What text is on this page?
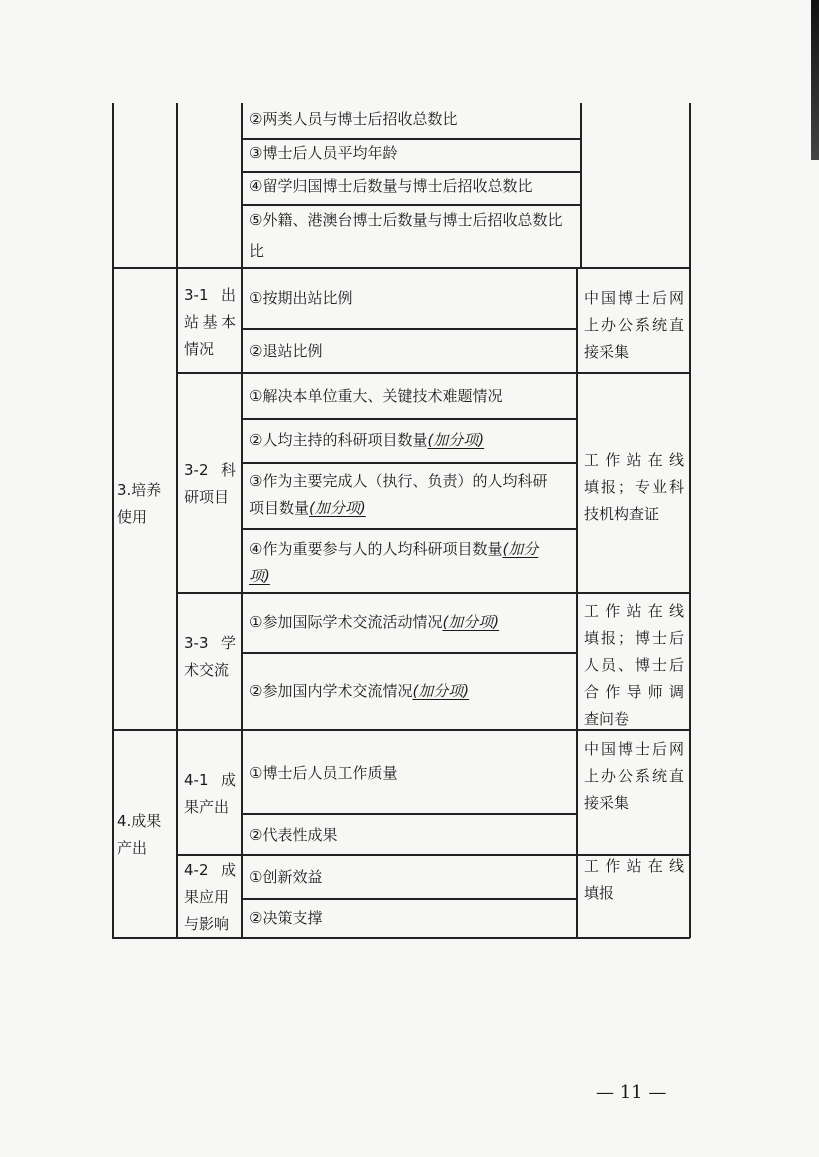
②两类人员与博士后招收总数比
③博士后人员平均年龄
④留学归国博士后数量与博士后招收总数比
⑤外籍、港澳台博士后数量与博士后招收总数比
比
3.培养
使用
3-1 出
站基本
情况
①按期出站比例
②退站比例
中国博士后网
上办公系统直
接采集
3-2 科
研项目
①解决本单位重大、关键技术难题情况
②人均主持的科研项目数量(加分项)
③作为主要完成人（执行、负责）的人均科研
项目数量(加分项)
④作为重要参与人的人均科研项目数量(加分
项)
工作站在线
填报；专业科
技机构查证
3-3 学
术交流
①参加国际学术交流活动情况(加分项)
②参加国内学术交流情况(加分项)
工作站在线
填报；博士后
人员、博士后
合作导师调
查问卷
4.成果
产出
4-1 成
果产出
①博士后人员工作质量
②代表性成果
中国博士后网
上办公系统直
接采集
4-2 成
果应用
与影响
①创新效益
②决策支撑
工作站在线
填报
— 11 —
